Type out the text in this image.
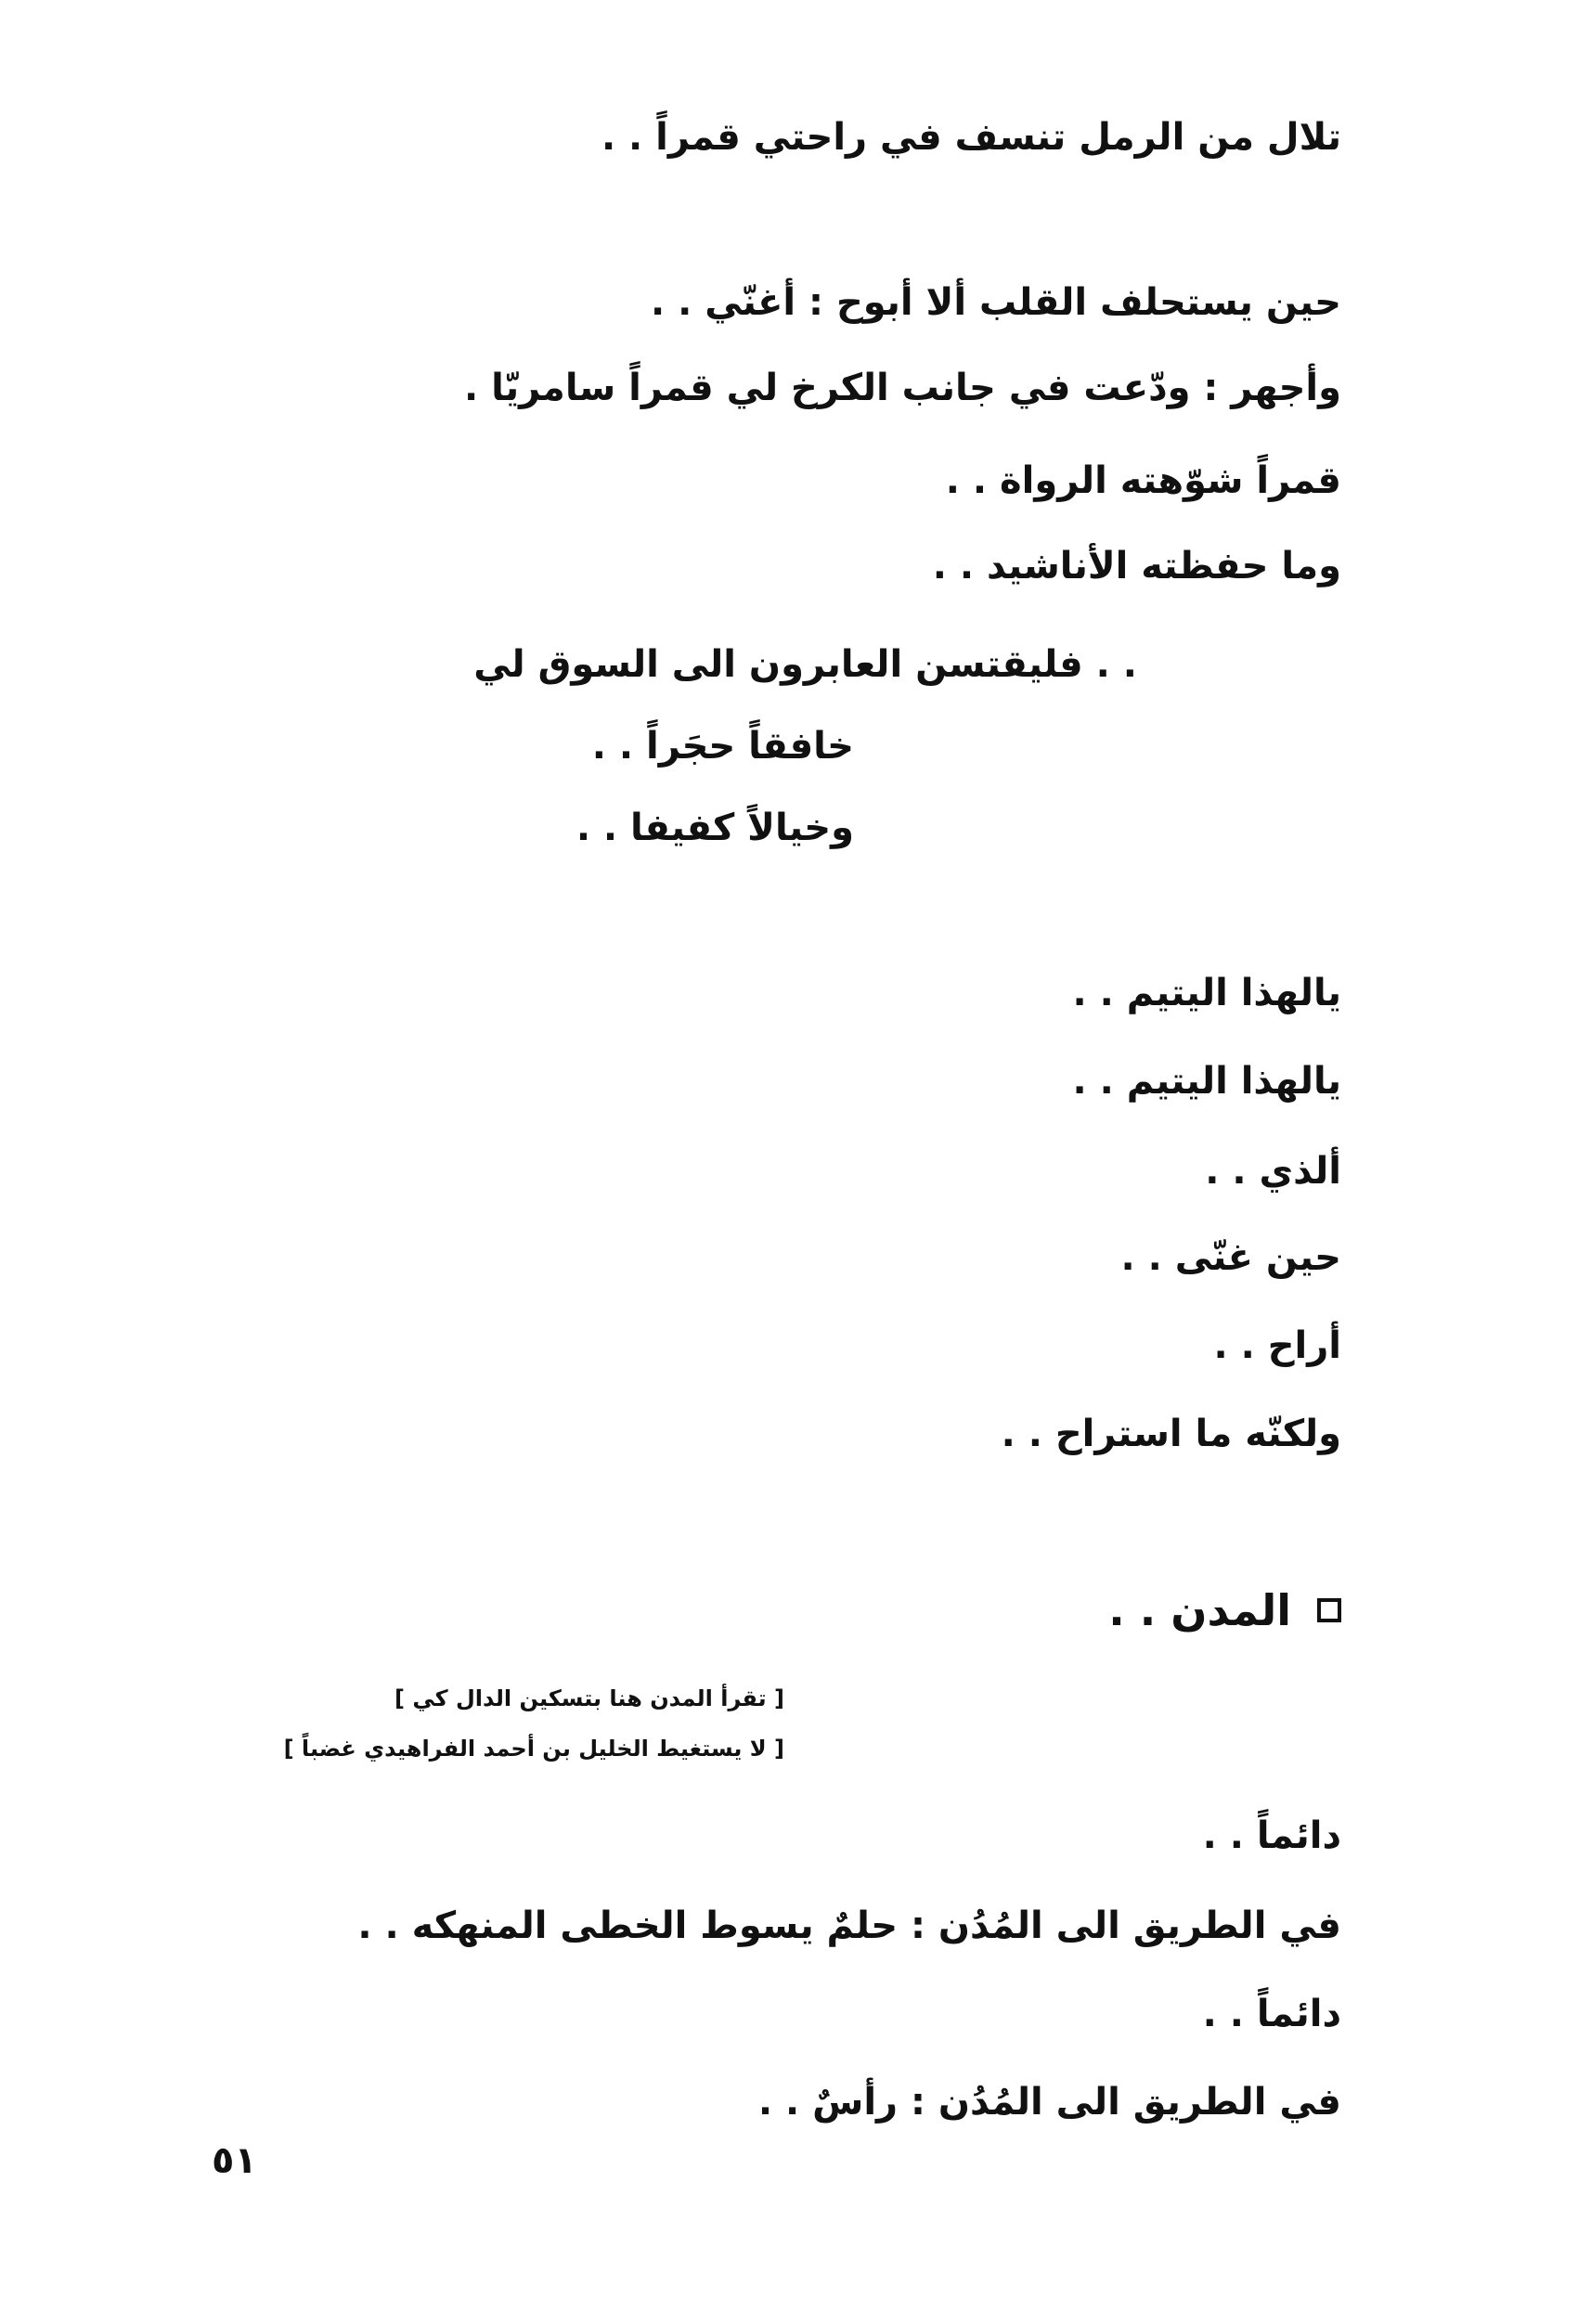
تلال من الرمل تنسف في راحتي قمراً . .
حين يستحلف القلب ألا أبوح : أغنّي . .
وأجهر : ودّعت في جانب الكرخ لي قمراً سامريّا .
قمراً شوّهته الرواة . .
وما حفظته الأناشيد . .
. . فليقتسن العابرون الى السوق لي
خافقاً حجَراً . .
وخيالاً كفيفا . .
يالهذا اليتيم . .
يالهذا اليتيم . .
ألذي . .
حين غنّى . .
أراح . .
ولكنّه ما استراح . .
المدن . .
[ تقرأ المدن هنا بتسكين الدال كي ]
[ لا يستغيط الخليل بن أحمد الفراهيدي غضباً ]
دائماً . .
في الطريق الى المُدُن : حلمٌ يسوط الخطى المنهكه . .
دائماً . .
في الطريق الى المُدُن : رأسٌ . .
٥١
